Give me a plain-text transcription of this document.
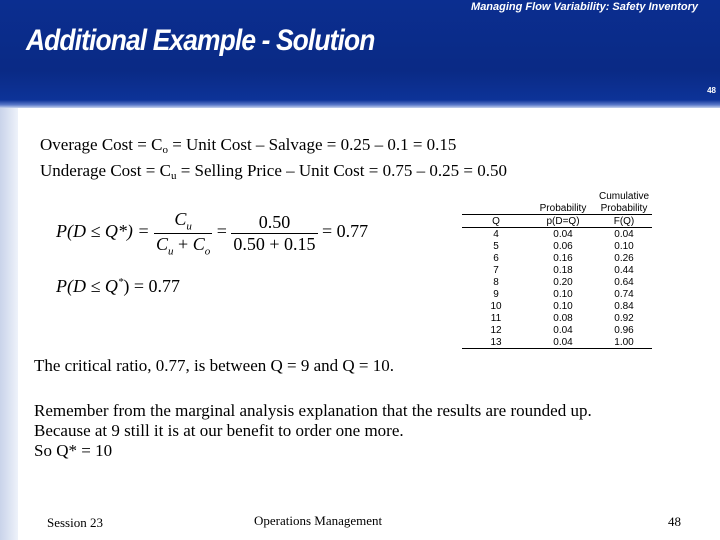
Managing Flow Variability: Safety Inventory
Additional Example - Solution
48
Overage Cost = $C_o$ = Unit Cost – Salvage = 0.25 – 0.1 = 0.15
Underage Cost = $C_u$ = Selling Price – Unit Cost = 0.75 – 0.25 = 0.50
$P(D \le Q*) = \frac{C_u}{C_u + C_o} = \frac{0.50}{0.50 + 0.15} = 0.77$
P(D ≤ Q*) = 0.77
		Cumulative
	Probability	Probability
Q	p(D=Q)	F(Q)
4	0.04	0.04
5	0.06	0.10
6	0.16	0.26
7	0.18	0.44
8	0.20	0.64
9	0.10	0.74
10	0.10	0.84
11	0.08	0.92
12	0.04	0.96
13	0.04	1.00
The critical ratio, 0.77, is between Q = 9 and Q = 10.
Remember from the marginal analysis explanation that the results are rounded up.
Because at 9 still it is at our benefit to order one more.
So Q* = 10
Session 23	Operations Management	48
